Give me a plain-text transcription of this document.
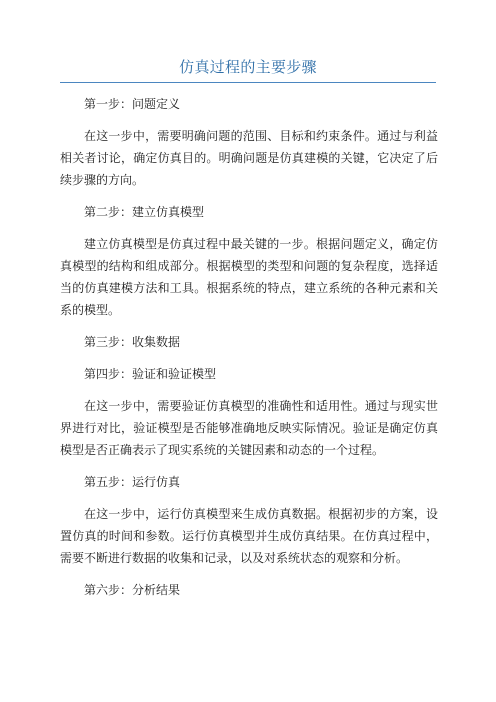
仿真过程的主要步骤

第一步：问题定义

在这一步中，需要明确问题的范围、目标和约束条件。通过与利益相关者讨论，确定仿真目的。明确问题是仿真建模的关键，它决定了后续步骤的方向。

第二步：建立仿真模型

建立仿真模型是仿真过程中最关键的一步。根据问题定义，确定仿真模型的结构和组成部分。根据模型的类型和问题的复杂程度，选择适当的仿真建模方法和工具。根据系统的特点，建立系统的各种元素和关系的模型。

第三步：收集数据

第四步：验证和验证模型

在这一步中，需要验证仿真模型的准确性和适用性。通过与现实世界进行对比，验证模型是否能够准确地反映实际情况。验证是确定仿真模型是否正确表示了现实系统的关键因素和动态的一个过程。

第五步：运行仿真

在这一步中，运行仿真模型来生成仿真数据。根据初步的方案，设置仿真的时间和参数。运行仿真模型并生成仿真结果。在仿真过程中，需要不断进行数据的收集和记录，以及对系统状态的观察和分析。

第六步：分析结果
